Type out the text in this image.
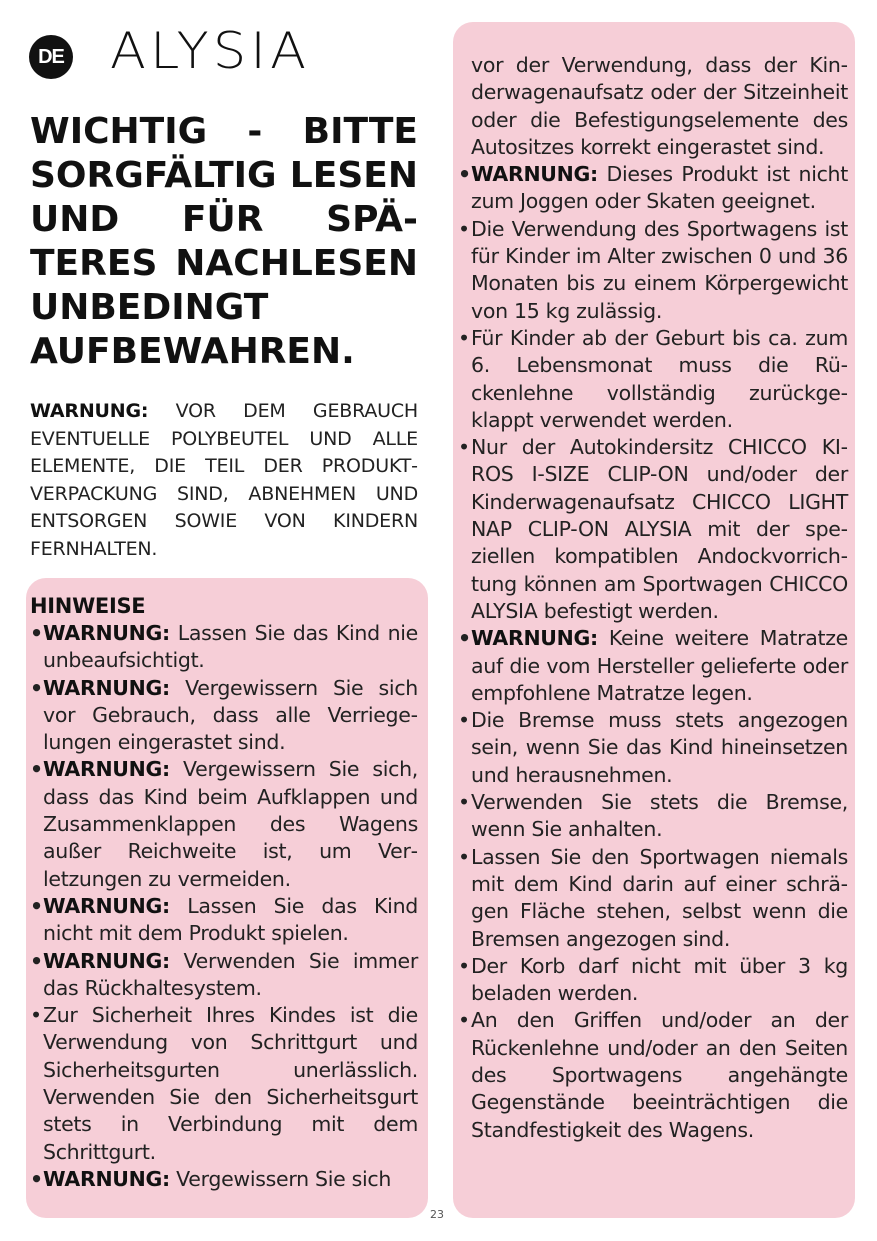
DE ALYSIA
WICHTIG - BITTE SORGFÄLTIG LESEN UND FÜR SPÄTERES NACHLESEN UNBEDINGT AUFBEWAHREN.
WARNUNG: VOR DEM GEBRAUCH EVENTUELLE POLYBEUTEL UND ALLE ELEMENTE, DIE TEIL DER PRODUKTVERPACKUNG SIND, ABNEHMEN UND ENTSORGEN SOWIE VON KINDERN FERNHALTEN.
HINWEISE
• WARNUNG: Lassen Sie das Kind nie unbeaufsichtigt.
• WARNUNG: Vergewissern Sie sich vor Gebrauch, dass alle Verriegelungen eingerastet sind.
• WARNUNG: Vergewissern Sie sich, dass das Kind beim Aufklappen und Zusammenklappen des Wagens außer Reichweite ist, um Verletzungen zu vermeiden.
• WARNUNG: Lassen Sie das Kind nicht mit dem Produkt spielen.
• WARNUNG: Verwenden Sie immer das Rückhaltesystem.
• Zur Sicherheit Ihres Kindes ist die Verwendung von Schrittgurt und Sicherheitsgurten unerlässlich. Verwenden Sie den Sicherheitsgurt stets in Verbindung mit dem Schrittgurt.
• WARNUNG: Vergewissern Sie sich
vor der Verwendung, dass der Kinderwagenaufsatz oder der Sitzeinheit oder die Befestigungselemente des Autositzes korrekt eingerastet sind.
• WARNUNG: Dieses Produkt ist nicht zum Joggen oder Skaten geeignet.
• Die Verwendung des Sportwagens ist für Kinder im Alter zwischen 0 und 36 Monaten bis zu einem Körpergewicht von 15 kg zulässig.
• Für Kinder ab der Geburt bis ca. zum 6. Lebensmonat muss die Rückenlehne vollständig zurückgeklappt verwendet werden.
• Nur der Autokindersitz CHICCO KIROS I-SIZE CLIP-ON und/oder der Kinderwagenaufsatz CHICCO LIGHT NAP CLIP-ON ALYSIA mit der speziellen kompatiblen Andockvorrichtung können am Sportwagen CHICCO ALYSIA befestigt werden.
• WARNUNG: Keine weitere Matratze auf die vom Hersteller gelieferte oder empfohlene Matratze legen.
• Die Bremse muss stets angezogen sein, wenn Sie das Kind hineinsetzen und herausnehmen.
• Verwenden Sie stets die Bremse, wenn Sie anhalten.
• Lassen Sie den Sportwagen niemals mit dem Kind darin auf einer schrägen Fläche stehen, selbst wenn die Bremsen angezogen sind.
• Der Korb darf nicht mit über 3 kg beladen werden.
• An den Griffen und/oder an der Rückenlehne und/oder an den Seiten des Sportwagens angehängte Gegenstände beeinträchtigen die Standfestigkeit des Wagens.
23
